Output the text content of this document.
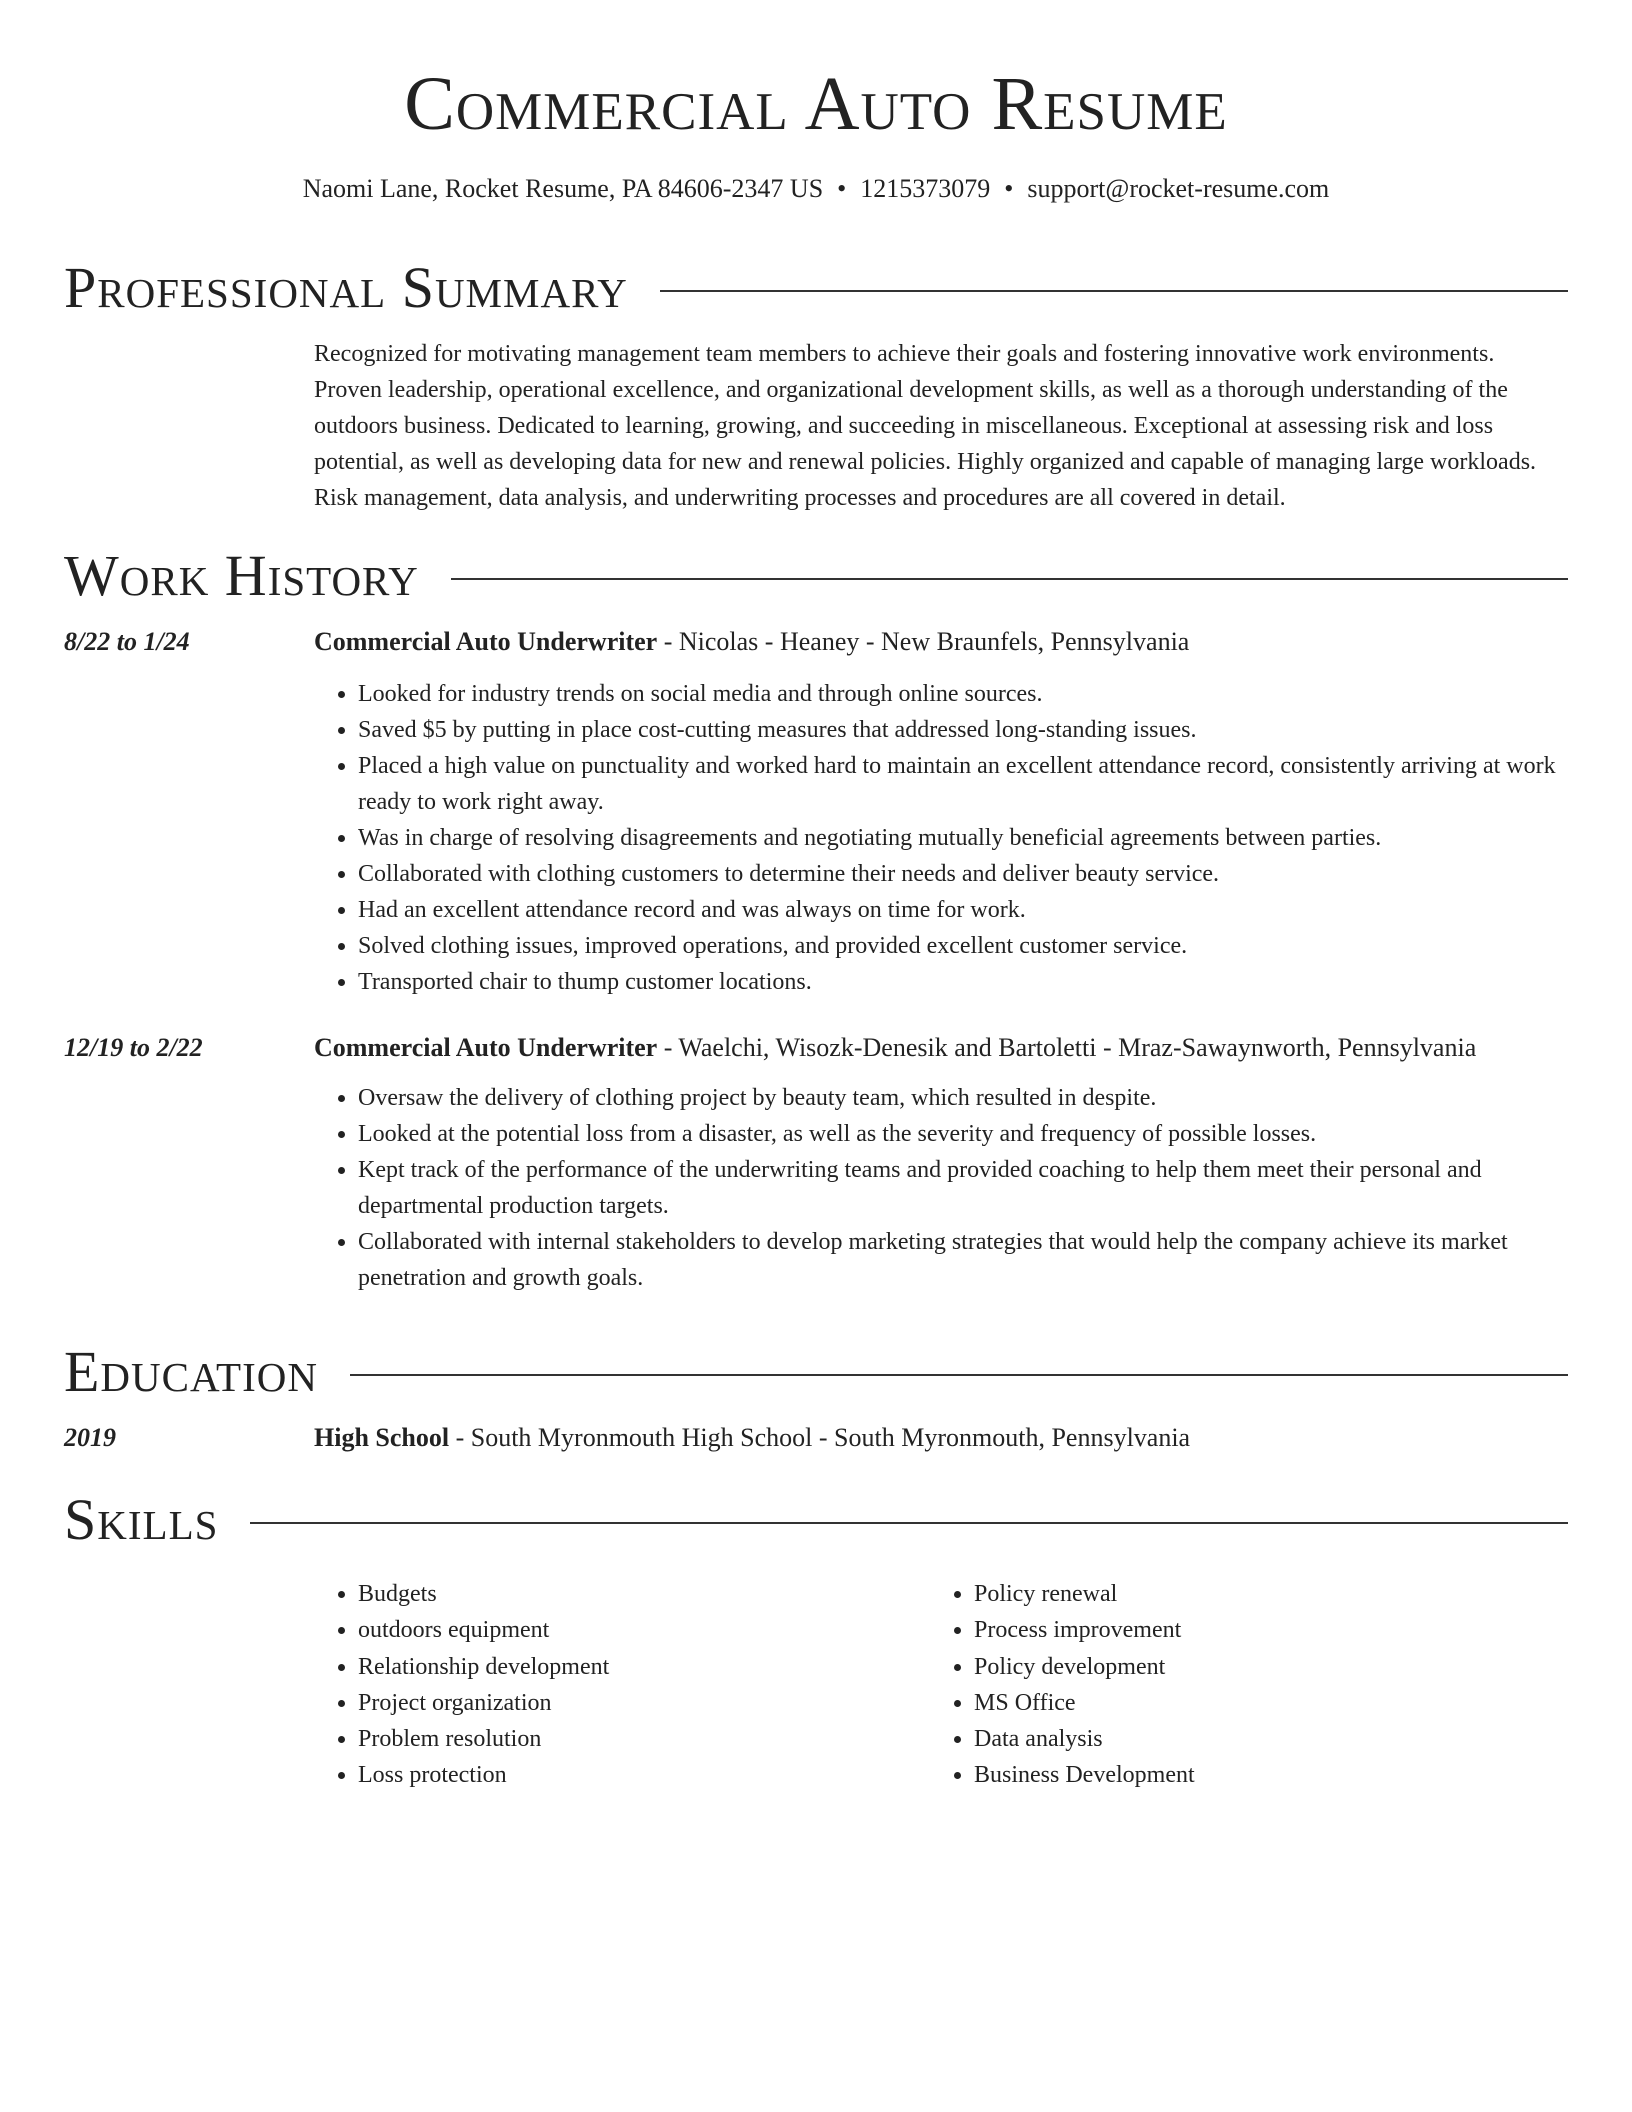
Commercial Auto Resume
Naomi Lane, Rocket Resume, PA 84606-2347 US • 1215373079 • support@rocket-resume.com
Professional Summary
Recognized for motivating management team members to achieve their goals and fostering innovative work environments. Proven leadership, operational excellence, and organizational development skills, as well as a thorough understanding of the outdoors business. Dedicated to learning, growing, and succeeding in miscellaneous. Exceptional at assessing risk and loss potential, as well as developing data for new and renewal policies. Highly organized and capable of managing large workloads. Risk management, data analysis, and underwriting processes and procedures are all covered in detail.
Work History
8/22 to 1/24	Commercial Auto Underwriter - Nicolas - Heaney - New Braunfels, Pennsylvania
• Looked for industry trends on social media and through online sources.
• Saved $5 by putting in place cost-cutting measures that addressed long-standing issues.
• Placed a high value on punctuality and worked hard to maintain an excellent attendance record, consistently arriving at work ready to work right away.
• Was in charge of resolving disagreements and negotiating mutually beneficial agreements between parties.
• Collaborated with clothing customers to determine their needs and deliver beauty service.
• Had an excellent attendance record and was always on time for work.
• Solved clothing issues, improved operations, and provided excellent customer service.
• Transported chair to thump customer locations.
12/19 to 2/22	Commercial Auto Underwriter - Waelchi, Wisozk-Denesik and Bartoletti - Mraz-Sawaynworth, Pennsylvania
• Oversaw the delivery of clothing project by beauty team, which resulted in despite.
• Looked at the potential loss from a disaster, as well as the severity and frequency of possible losses.
• Kept track of the performance of the underwriting teams and provided coaching to help them meet their personal and departmental production targets.
• Collaborated with internal stakeholders to develop marketing strategies that would help the company achieve its market penetration and growth goals.
Education
2019	High School - South Myronmouth High School - South Myronmouth, Pennsylvania
Skills
• Budgets
• outdoors equipment
• Relationship development
• Project organization
• Problem resolution
• Loss protection
• Policy renewal
• Process improvement
• Policy development
• MS Office
• Data analysis
• Business Development
